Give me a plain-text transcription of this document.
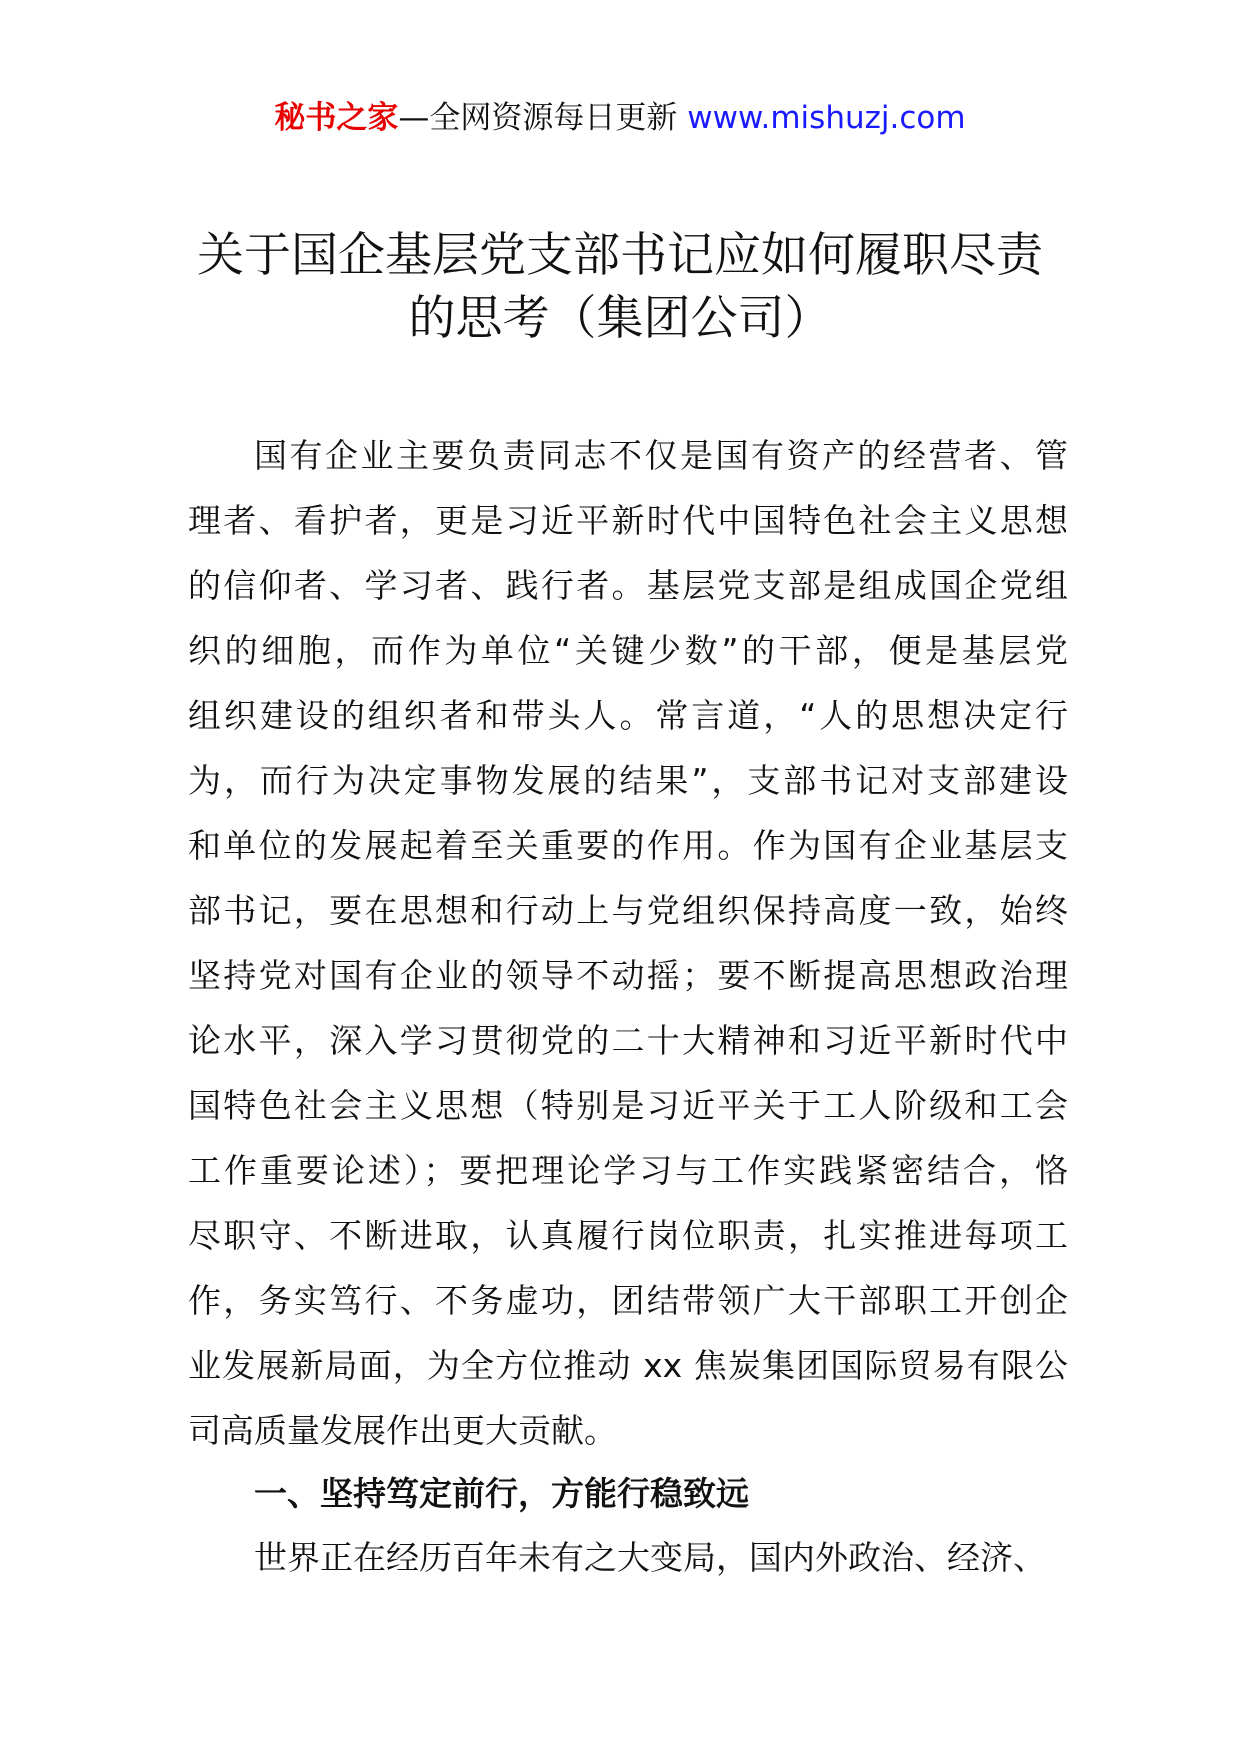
秘书之家—全网资源每日更新 www.mishuzj.com
关于国企基层党支部书记应如何履职尽责
的思考（集团公司）
国有企业主要负责同志不仅是国有资产的经营者、管
理者、看护者，更是习近平新时代中国特色社会主义思想
的信仰者、学习者、践行者。基层党支部是组成国企党组
织的细胞，而作为单位“关键少数”的干部，便是基层党
组织建设的组织者和带头人。常言道，“人的思想决定行
为，而行为决定事物发展的结果”，支部书记对支部建设
和单位的发展起着至关重要的作用。作为国有企业基层支
部书记，要在思想和行动上与党组织保持高度一致，始终
坚持党对国有企业的领导不动摇；要不断提高思想政治理
论水平，深入学习贯彻党的二十大精神和习近平新时代中
国特色社会主义思想（特别是习近平关于工人阶级和工会
工作重要论述）；要把理论学习与工作实践紧密结合，恪
尽职守、不断进取，认真履行岗位职责，扎实推进每项工
作，务实笃行、不务虚功，团结带领广大干部职工开创企
业发展新局面，为全方位推动 xx 焦炭集团国际贸易有限公
司高质量发展作出更大贡献。
一、坚持笃定前行，方能行稳致远
世界正在经历百年未有之大变局，国内外政治、经济、
